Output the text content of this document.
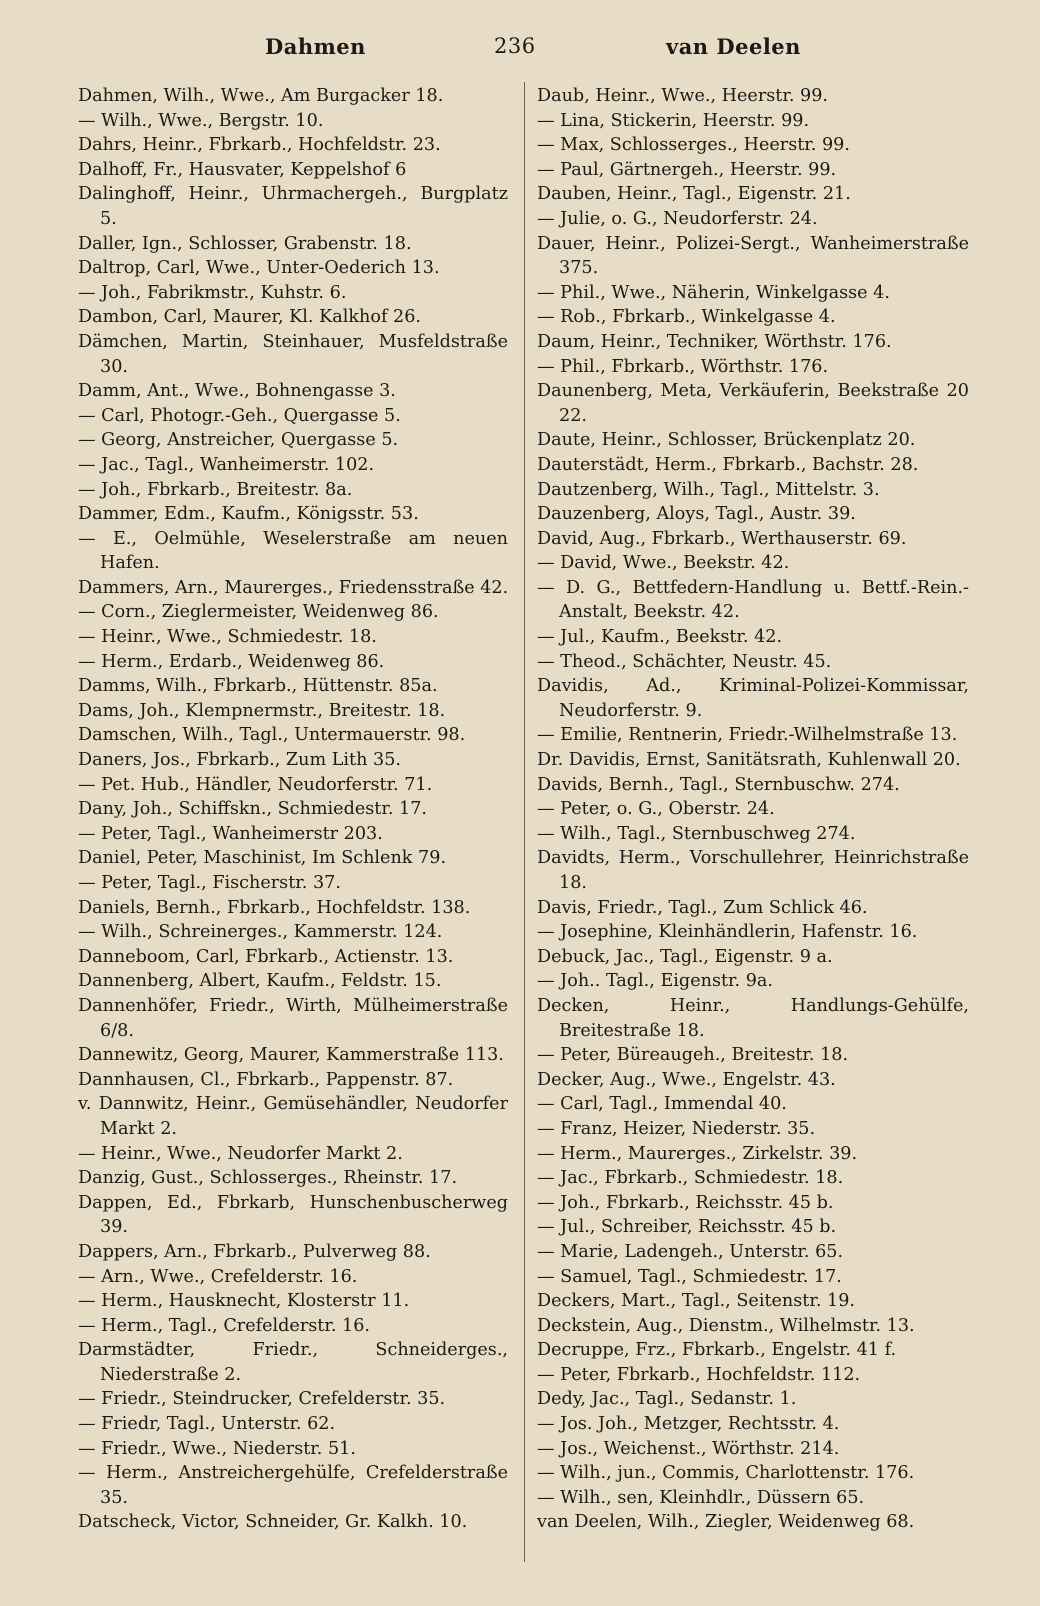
Dahmen	236	van Deelen
Dahmen, Wilh., Wwe., Am Burgacker 18.
— Wilh., Wwe., Bergstr. 10.
Dahrs, Heinr., Fbrkarb., Hochfeldstr. 23.
Dalhoff, Fr., Hausvater, Keppelshof 6
Dalinghoff, Heinr., Uhrmachergeh., Burgplatz 5.
Daller, Ign., Schlosser, Grabenstr. 18.
Daltrop, Carl, Wwe., Unter-Oederich 13.
— Joh., Fabrikmstr., Kuhstr. 6.
Dambon, Carl, Maurer, Kl. Kalkhof 26.
Dämchen, Martin, Steinhauer, Musfeldstraße 30.
Damm, Ant., Wwe., Bohnengasse 3.
— Carl, Photogr.-Geh., Quergasse 5.
— Georg, Anstreicher, Quergasse 5.
— Jac., Tagl., Wanheimerstr. 102.
— Joh., Fbrkarb., Breitestr. 8a.
Dammer, Edm., Kaufm., Königsstr. 53.
— E., Oelmühle, Weselerstraße am neuen Hafen.
Dammers, Arn., Maurerges., Friedensstraße 42.
— Corn., Zieglermeister, Weidenweg 86.
— Heinr., Wwe., Schmiedestr. 18.
— Herm., Erdarb., Weidenweg 86.
Damms, Wilh., Fbrkarb., Hüttenstr. 85a.
Dams, Joh., Klempnermstr., Breitestr. 18.
Damschen, Wilh., Tagl., Untermauerstr. 98.
Daners, Jos., Fbrkarb., Zum Lith 35.
— Pet. Hub., Händler, Neudorferstr. 71.
Dany, Joh., Schiffskn., Schmiedestr. 17.
— Peter, Tagl., Wanheimerstr 203.
Daniel, Peter, Maschinist, Im Schlenk 79.
— Peter, Tagl., Fischerstr. 37.
Daniels, Bernh., Fbrkarb., Hochfeldstr. 138.
— Wilh., Schreinerges., Kammerstr. 124.
Danneboom, Carl, Fbrkarb., Actienstr. 13.
Dannenberg, Albert, Kaufm., Feldstr. 15.
Dannenhöfer, Friedr., Wirth, Mülheimerstraße 6/8.
Dannewitz, Georg, Maurer, Kammerstraße 113.
Dannhausen, Cl., Fbrkarb., Pappenstr. 87.
v. Dannwitz, Heinr., Gemüsehändler, Neudorfer Markt 2.
— Heinr., Wwe., Neudorfer Markt 2.
Danzig, Gust., Schlosserges., Rheinstr. 17.
Dappen, Ed., Fbrkarb, Hunschenbuscherweg 39.
Dappers, Arn., Fbrkarb., Pulverweg 88.
— Arn., Wwe., Crefelderstr. 16.
— Herm., Hausknecht, Klosterstr 11.
— Herm., Tagl., Crefelderstr. 16.
Darmstädter, Friedr., Schneiderges., Niederstraße 2.
— Friedr., Steindrucker, Crefelderstr. 35.
— Friedr, Tagl., Unterstr. 62.
— Friedr., Wwe., Niederstr. 51.
— Herm., Anstreichergehülfe, Crefelderstraße 35.
Datscheck, Victor, Schneider, Gr. Kalkh. 10.
Daub, Heinr., Wwe., Heerstr. 99.
— Lina, Stickerin, Heerstr. 99.
— Max, Schlosserges., Heerstr. 99.
— Paul, Gärtnergeh., Heerstr. 99.
Dauben, Heinr., Tagl., Eigenstr. 21.
— Julie, o. G., Neudorferstr. 24.
Dauer, Heinr., Polizei-Sergt., Wanheimerstraße 375.
— Phil., Wwe., Näherin, Winkelgasse 4.
— Rob., Fbrkarb., Winkelgasse 4.
Daum, Heinr., Techniker, Wörthstr. 176.
— Phil., Fbrkarb., Wörthstr. 176.
Daunenberg, Meta, Verkäuferin, Beekstraße 20 22.
Daute, Heinr., Schlosser, Brückenplatz 20.
Dauterstädt, Herm., Fbrkarb., Bachstr. 28.
Dautzenberg, Wilh., Tagl., Mittelstr. 3.
Dauzenberg, Aloys, Tagl., Austr. 39.
David, Aug., Fbrkarb., Werthauserstr. 69.
— David, Wwe., Beekstr. 42.
— D. G., Bettfedern-Handlung u. Bettf.-Rein.-Anstalt, Beekstr. 42.
— Jul., Kaufm., Beekstr. 42.
— Theod., Schächter, Neustr. 45.
Davidis, Ad., Kriminal-Polizei-Kommissar, Neudorferstr. 9.
— Emilie, Rentnerin, Friedr.-Wilhelmstraße 13.
Dr. Davidis, Ernst, Sanitätsrath, Kuhlenwall 20.
Davids, Bernh., Tagl., Sternbuschw. 274.
— Peter, o. G., Oberstr. 24.
— Wilh., Tagl., Sternbuschweg 274.
Davidts, Herm., Vorschullehrer, Heinrichstraße 18.
Davis, Friedr., Tagl., Zum Schlick 46.
— Josephine, Kleinhändlerin, Hafenstr. 16.
Debuck, Jac., Tagl., Eigenstr. 9 a.
— Joh.. Tagl., Eigenstr. 9a.
Decken, Heinr., Handlungs-Gehülfe, Breitestraße 18.
— Peter, Büreaugeh., Breitestr. 18.
Decker, Aug., Wwe., Engelstr. 43.
— Carl, Tagl., Immendal 40.
— Franz, Heizer, Niederstr. 35.
— Herm., Maurerges., Zirkelstr. 39.
— Jac., Fbrkarb., Schmiedestr. 18.
— Joh., Fbrkarb., Reichsstr. 45 b.
— Jul., Schreiber, Reichsstr. 45 b.
— Marie, Ladengeh., Unterstr. 65.
— Samuel, Tagl., Schmiedestr. 17.
Deckers, Mart., Tagl., Seitenstr. 19.
Deckstein, Aug., Dienstm., Wilhelmstr. 13.
Decruppe, Frz., Fbrkarb., Engelstr. 41 f.
— Peter, Fbrkarb., Hochfeldstr. 112.
Dedy, Jac., Tagl., Sedanstr. 1.
— Jos. Joh., Metzger, Rechtsstr. 4.
— Jos., Weichenst., Wörthstr. 214.
— Wilh., jun., Commis, Charlottenstr. 176.
— Wilh., sen, Kleinhdlr., Düssern 65.
van Deelen, Wilh., Ziegler, Weidenweg 68.
